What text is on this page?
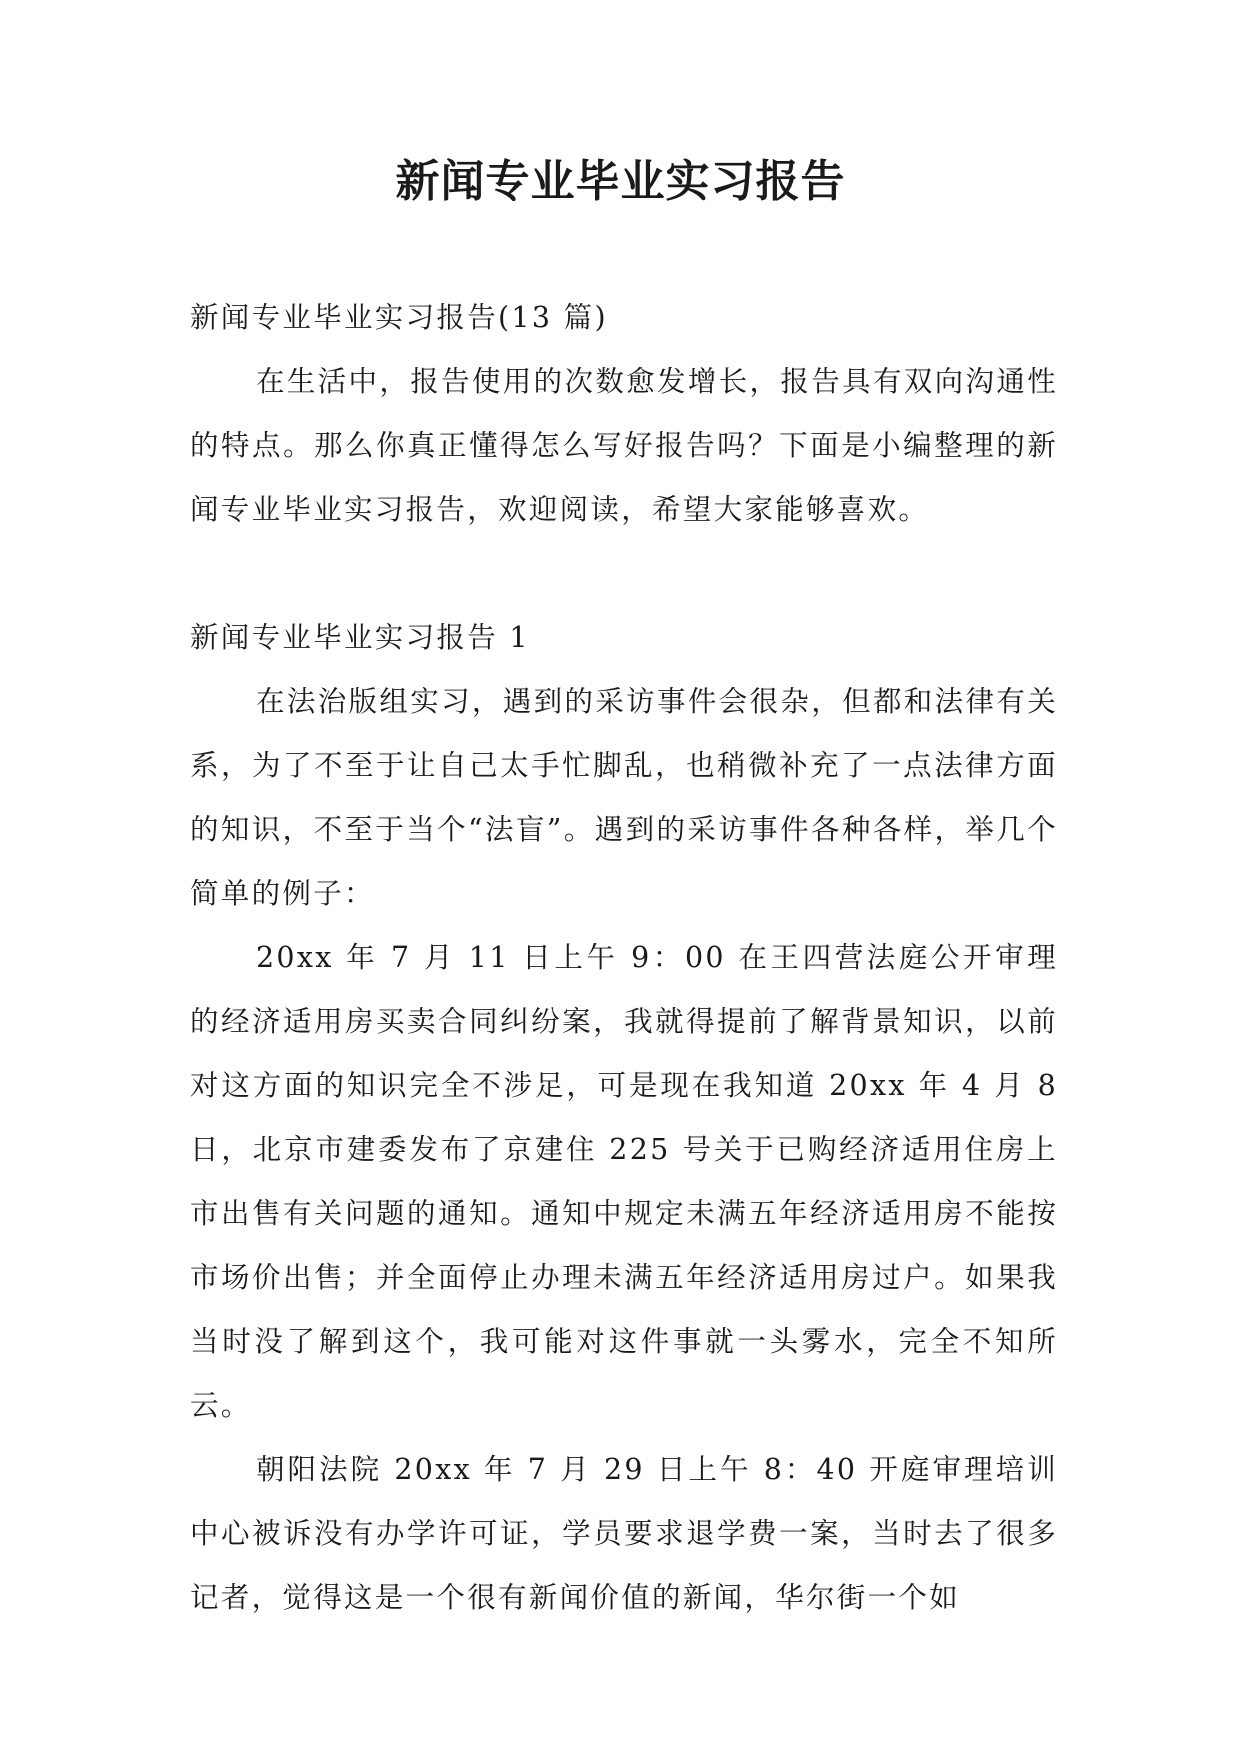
新闻专业毕业实习报告

新闻专业毕业实习报告(13 篇)

在生活中，报告使用的次数愈发增长，报告具有双向沟通性的特点。那么你真正懂得怎么写好报告吗？下面是小编整理的新闻专业毕业实习报告，欢迎阅读，希望大家能够喜欢。

新闻专业毕业实习报告 1

在法治版组实习，遇到的采访事件会很杂，但都和法律有关系，为了不至于让自己太手忙脚乱，也稍微补充了一点法律方面的知识，不至于当个“法盲”。遇到的采访事件各种各样，举几个简单的例子：

20xx 年 7 月 11 日上午 9：00 在王四营法庭公开审理的经济适用房买卖合同纠纷案，我就得提前了解背景知识，以前对这方面的知识完全不涉足，可是现在我知道 20xx 年 4 月 8 日，北京市建委发布了京建住 225 号关于已购经济适用住房上市出售有关问题的通知。通知中规定未满五年经济适用房不能按市场价出售；并全面停止办理未满五年经济适用房过户。如果我当时没了解到这个，我可能对这件事就一头雾水，完全不知所云。

朝阳法院 20xx 年 7 月 29 日上午 8：40 开庭审理培训中心被诉没有办学许可证，学员要求退学费一案，当时去了很多记者，觉得这是一个很有新闻价值的新闻，华尔街一个如
